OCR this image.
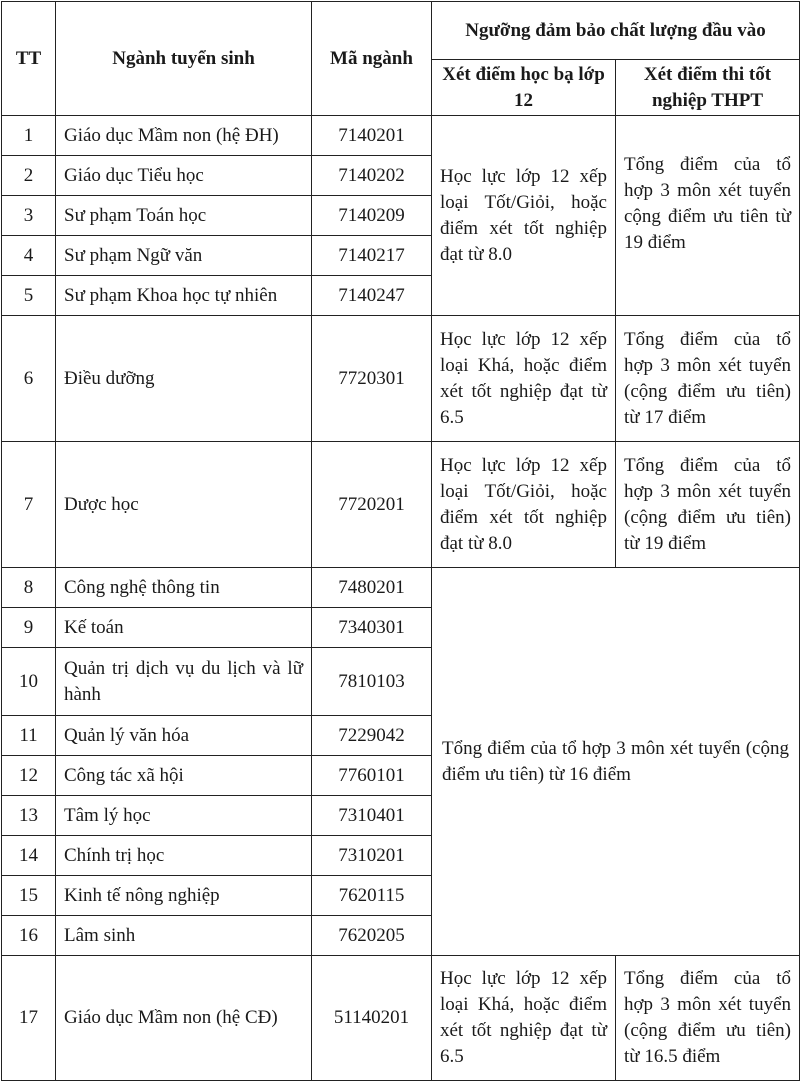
TT	Ngành tuyển sinh	Mã ngành	Ngưỡng đảm bảo chất lượng đầu vào	
			Xét điểm học bạ lớp 12	Xét điểm thi tốt nghiệp THPT
1	Giáo dục Mầm non (hệ ĐH)	7140201	Học lực lớp 12 xếp loại Tốt/Giỏi, hoặc điểm xét tốt nghiệp đạt từ 8.0	Tổng điểm của tổ hợp 3 môn xét tuyển cộng điểm ưu tiên từ 19 điểm
2	Giáo dục Tiểu học	7140202		
3	Sư phạm Toán học	7140209		
4	Sư phạm Ngữ văn	7140217		
5	Sư phạm Khoa học tự nhiên	7140247		
6	Điều dưỡng	7720301	Học lực lớp 12 xếp loại Khá, hoặc điểm xét tốt nghiệp đạt từ 6.5	Tổng điểm của tổ hợp 3 môn xét tuyển (cộng điểm ưu tiên) từ 17 điểm
7	Dược học	7720201	Học lực lớp 12 xếp loại Tốt/Giỏi, hoặc điểm xét tốt nghiệp đạt từ 8.0	Tổng điểm của tổ hợp 3 môn xét tuyển (cộng điểm ưu tiên) từ 19 điểm
8	Công nghệ thông tin	7480201	Tổng điểm của tổ hợp 3 môn xét tuyển (cộng điểm ưu tiên) từ 16 điểm	
9	Kế toán	7340301		
10	Quản trị dịch vụ du lịch và lữ hành	7810103		
11	Quản lý văn hóa	7229042		
12	Công tác xã hội	7760101		
13	Tâm lý học	7310401		
14	Chính trị học	7310201		
15	Kinh tế nông nghiệp	7620115		
16	Lâm sinh	7620205		
17	Giáo dục Mầm non (hệ CĐ)	51140201	Học lực lớp 12 xếp loại Khá, hoặc điểm xét tốt nghiệp đạt từ 6.5	Tổng điểm của tổ hợp 3 môn xét tuyển (cộng điểm ưu tiên) từ 16.5 điểm
